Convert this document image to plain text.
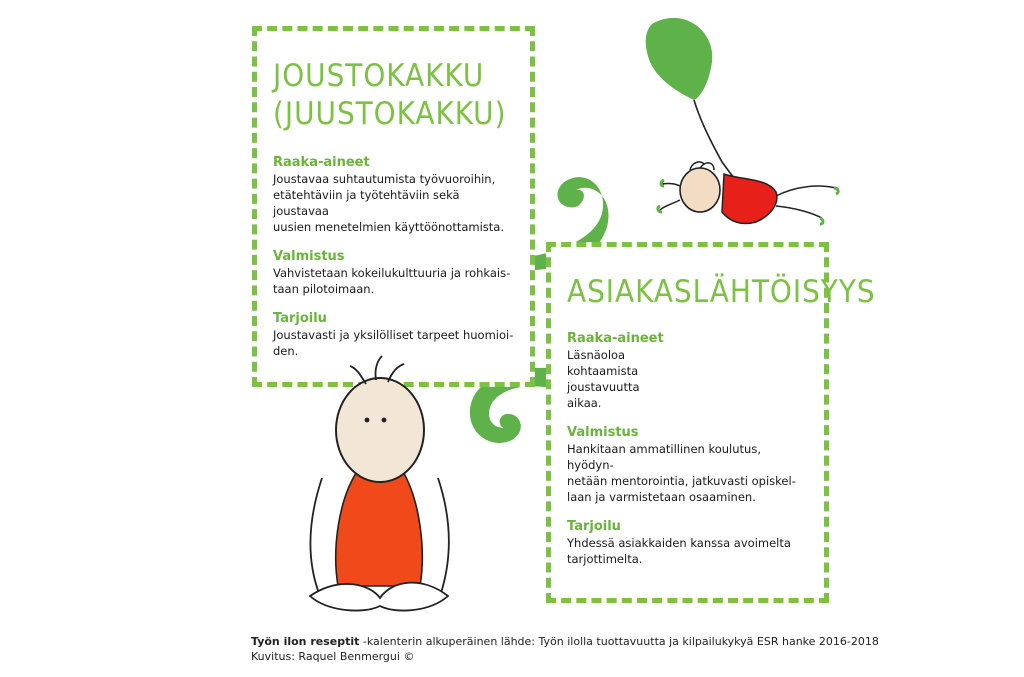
JOUSTOKAKKU
(JUUSTOKAKKU)

Raaka-aineet

Joustavaa suhtautumista työvuoroihin,
etätehtäviin ja työtehtäviin sekä joustavaa
uusien menetelmien käyttöönottamista.

Valmistus

Vahvistetaan kokeilukulttuuria ja rohkais-
taan pilotoimaan.

Tarjoilu

Joustavasti ja yksilölliset tarpeet huomioi-
den.

ASIAKASLÄHTÖISYYS

Raaka-aineet

Läsnäoloa
kohtaamista
joustavuutta
aikaa.

Valmistus

Hankitaan ammatillinen koulutus, hyödyn-
netään mentorointia, jatkuvasti opiskel-
laan ja varmistetaan osaaminen.

Tarjoilu

Yhdessä asiakkaiden kanssa avoimelta
tarjottimelta.

Työn ilon reseptit -kalenterin alkuperäinen lähde: Työn ilolla tuottavuutta ja kilpailukykyä ESR hanke 2016-2018
Kuvitus: Raquel Benmergui ©
